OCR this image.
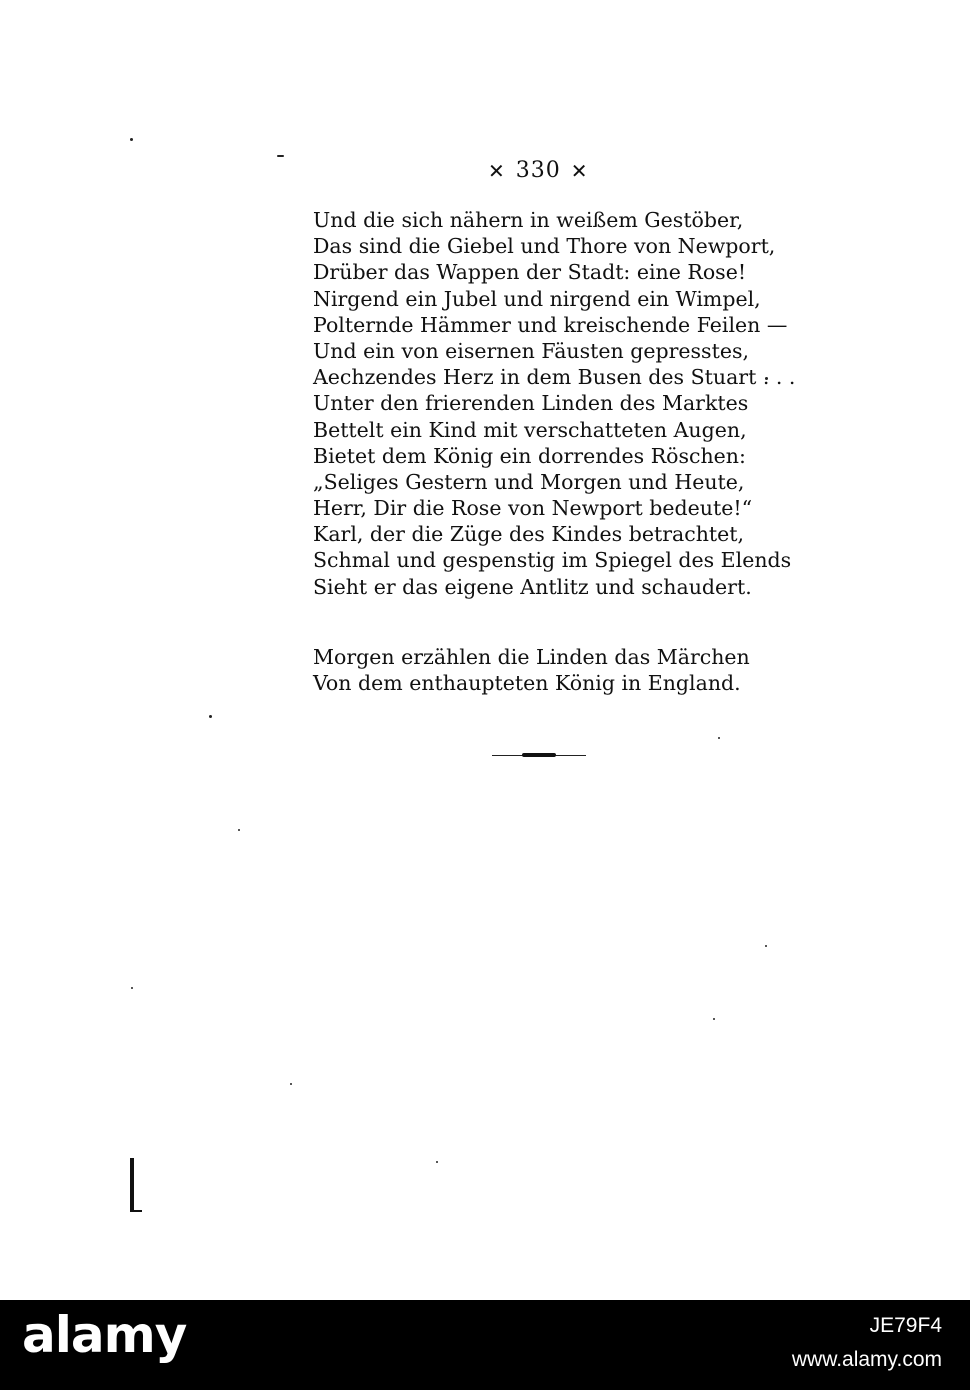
✕ 330 ✕
Und die sich nähern in weißem Gestöber,
Das sind die Giebel und Thore von Newport,
Drüber das Wappen der Stadt: eine Rose!
Nirgend ein Jubel und nirgend ein Wimpel,
Polternde Hämmer und kreischende Feilen —
Und ein von eisernen Fäusten gepresstes,
Aechzendes Herz in dem Busen des Stuart . . .
Unter den frierenden Linden des Marktes
Bettelt ein Kind mit verschatteten Augen,
Bietet dem König ein dorrendes Röschen:
„Seliges Gestern und Morgen und Heute,
Herr, Dir die Rose von Newport bedeute!“
Karl, der die Züge des Kindes betrachtet,
Schmal und gespenstig im Spiegel des Elends
Sieht er das eigene Antlitz und schaudert.
Morgen erzählen die Linden das Märchen
Von dem enthaupteten König in England.
alamy	JE79F4
www.alamy.com
